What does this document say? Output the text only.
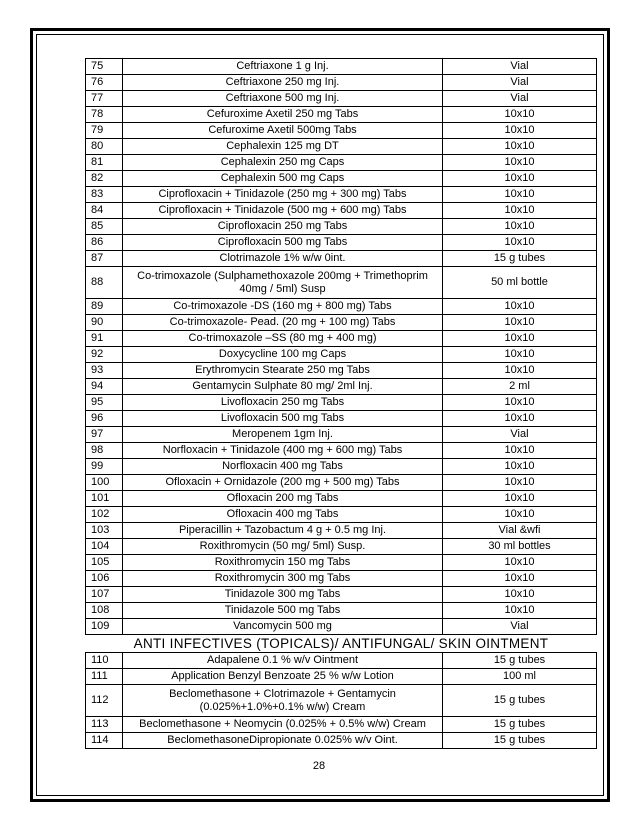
75	Ceftriaxone 1 g Inj.	Vial
76	Ceftriaxone 250 mg Inj.	Vial
77	Ceftriaxone 500 mg Inj.	Vial
78	Cefuroxime Axetil 250 mg Tabs	10x10
79	Cefuroxime Axetil 500mg Tabs	10x10
80	Cephalexin 125 mg DT	10x10
81	Cephalexin 250 mg Caps	10x10
82	Cephalexin 500 mg Caps	10x10
83	Ciprofloxacin + Tinidazole (250 mg + 300 mg) Tabs	10x10
84	Ciprofloxacin + Tinidazole (500 mg + 600 mg) Tabs	10x10
85	Ciprofloxacin 250 mg Tabs	10x10
86	Ciprofloxacin 500 mg Tabs	10x10
87	Clotrimazole 1% w/w 0int.	15 g tubes
88	Co-trimoxazole (Sulphamethoxazole 200mg + Trimethoprim 40mg / 5ml) Susp	50 ml bottle
89	Co-trimoxazole -DS (160 mg + 800 mg) Tabs	10x10
90	Co-trimoxazole- Pead. (20 mg + 100 mg) Tabs	10x10
91	Co-trimoxazole –SS (80 mg + 400 mg)	10x10
92	Doxycycline 100 mg Caps	10x10
93	Erythromycin Stearate 250 mg Tabs	10x10
94	Gentamycin Sulphate 80 mg/ 2ml Inj.	2 ml
95	Livofloxacin 250 mg Tabs	10x10
96	Livofloxacin 500 mg Tabs	10x10
97	Meropenem 1gm Inj.	Vial
98	Norfloxacin + Tinidazole (400 mg + 600 mg) Tabs	10x10
99	Norfloxacin 400 mg Tabs	10x10
100	Ofloxacin + Ornidazole (200 mg + 500 mg) Tabs	10x10
101	Ofloxacin 200 mg Tabs	10x10
102	Ofloxacin 400 mg Tabs	10x10
103	Piperacillin + Tazobactum 4 g + 0.5 mg Inj.	Vial &wfi
104	Roxithromycin (50 mg/ 5ml) Susp.	30 ml bottles
105	Roxithromycin 150 mg Tabs	10x10
106	Roxithromycin 300 mg Tabs	10x10
107	Tinidazole 300 mg Tabs	10x10
108	Tinidazole 500 mg Tabs	10x10
109	Vancomycin 500 mg	Vial
ANTI INFECTIVES (TOPICALS)/ ANTIFUNGAL/ SKIN OINTMENT		
110	Adapalene 0.1 % w/v Ointment	15 g tubes
111	Application Benzyl Benzoate 25 % w/w Lotion	100 ml
112	Beclomethasone + Clotrimazole + Gentamycin (0.025%+1.0%+0.1% w/w) Cream	15 g tubes
113	Beclomethasone + Neomycin (0.025% + 0.5% w/w) Cream	15 g tubes
114	BeclomethasoneDipropionate 0.025% w/v Oint.	15 g tubes
28
